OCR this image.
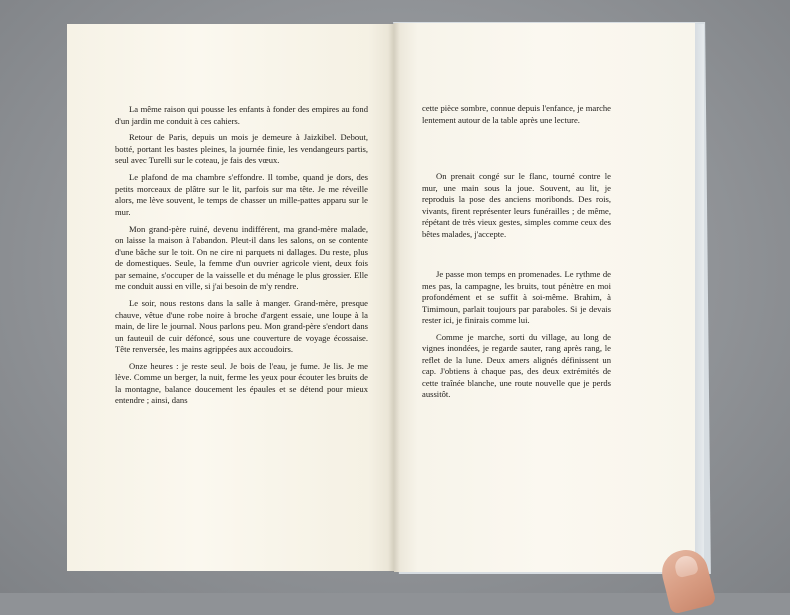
La même raison qui pousse les enfants à fonder des empires au fond d'un jardin me conduit à ces cahiers.

Retour de Paris, depuis un mois je demeure à Jaizkibel. Debout, botté, portant les bastes pleines, la journée finie, les vendangeurs partis, seul avec Turelli sur le coteau, je fais des vœux.

Le plafond de ma chambre s'effondre. Il tombe, quand je dors, des petits morceaux de plâtre sur le lit, parfois sur ma tête. Je me réveille alors, me lève souvent, le temps de chasser un mille-pattes apparu sur le mur.

Mon grand-père ruiné, devenu indifférent, ma grand-mère malade, on laisse la maison à l'abandon. Pleut-il dans les salons, on se contente d'une bâche sur le toit. On ne cire ni parquets ni dallages. Du reste, plus de domestiques. Seule, la femme d'un ouvrier agricole vient, deux fois par semaine, s'occuper de la vaisselle et du ménage le plus grossier. Elle me conduit aussi en ville, si j'ai besoin de m'y rendre.

Le soir, nous restons dans la salle à manger. Grand-mère, presque chauve, vêtue d'une robe noire à broche d'argent essaie, une loupe à la main, de lire le journal. Nous parlons peu. Mon grand-père s'endort dans un fauteuil de cuir défoncé, sous une couverture de voyage écossaise. Tête renversée, les mains agrippées aux accoudoirs.

Onze heures : je reste seul. Je bois de l'eau, je fume. Je lis. Je me lève. Comme un berger, la nuit, ferme les yeux pour écouter les bruits de la montagne, balance doucement les épaules et se détend pour mieux entendre ; ainsi, dans

cette pièce sombre, connue depuis l'enfance, je marche lentement autour de la table après une lecture.

On prenait congé sur le flanc, tourné contre le mur, une main sous la joue. Souvent, au lit, je reproduis la pose des anciens moribonds. Des rois, vivants, firent représenter leurs funérailles ; de même, répétant de très vieux gestes, simples comme ceux des bêtes malades, j'accepte.

Je passe mon temps en promenades. Le rythme de mes pas, la campagne, les bruits, tout pénètre en moi profondément et se suffit à soi-même. Brahim, à Timimoun, parlait toujours par paraboles. Si je devais rester ici, je finirais comme lui.

Comme je marche, sorti du village, au long de vignes inondées, je regarde sauter, rang après rang, le reflet de la lune. Deux amers alignés définissent un cap. J'obtiens à chaque pas, des deux extrémités de cette traînée blanche, une route nouvelle que je perds aussitôt.
